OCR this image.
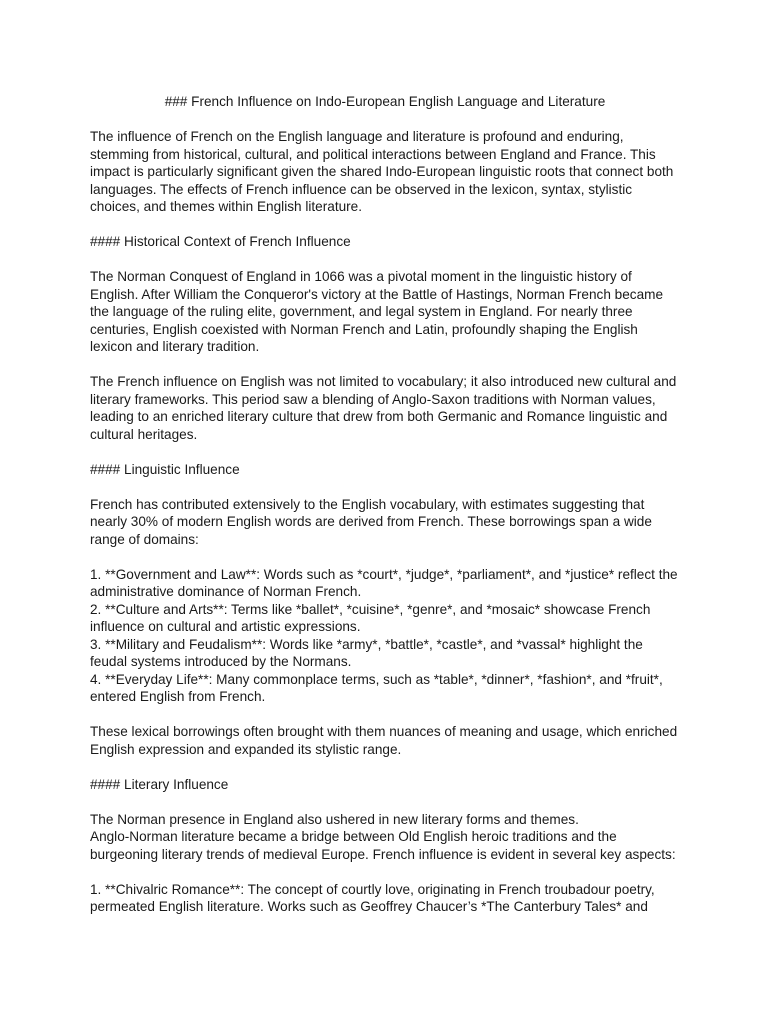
### French Influence on Indo-European English Language and Literature

The influence of French on the English language and literature is profound and enduring, stemming from historical, cultural, and political interactions between England and France. This impact is particularly significant given the shared Indo-European linguistic roots that connect both languages. The effects of French influence can be observed in the lexicon, syntax, stylistic choices, and themes within English literature.

#### Historical Context of French Influence

The Norman Conquest of England in 1066 was a pivotal moment in the linguistic history of English. After William the Conqueror's victory at the Battle of Hastings, Norman French became the language of the ruling elite, government, and legal system in England. For nearly three centuries, English coexisted with Norman French and Latin, profoundly shaping the English lexicon and literary tradition.

The French influence on English was not limited to vocabulary; it also introduced new cultural and literary frameworks. This period saw a blending of Anglo-Saxon traditions with Norman values, leading to an enriched literary culture that drew from both Germanic and Romance linguistic and cultural heritages.

#### Linguistic Influence

French has contributed extensively to the English vocabulary, with estimates suggesting that nearly 30% of modern English words are derived from French. These borrowings span a wide range of domains:

1. **Government and Law**: Words such as *court*, *judge*, *parliament*, and *justice* reflect the administrative dominance of Norman French.
2. **Culture and Arts**: Terms like *ballet*, *cuisine*, *genre*, and *mosaic* showcase French influence on cultural and artistic expressions.
3. **Military and Feudalism**: Words like *army*, *battle*, *castle*, and *vassal* highlight the feudal systems introduced by the Normans.
4. **Everyday Life**: Many commonplace terms, such as *table*, *dinner*, *fashion*, and *fruit*, entered English from French.

These lexical borrowings often brought with them nuances of meaning and usage, which enriched English expression and expanded its stylistic range.

#### Literary Influence

The Norman presence in England also ushered in new literary forms and themes.
Anglo-Norman literature became a bridge between Old English heroic traditions and the burgeoning literary trends of medieval Europe. French influence is evident in several key aspects:

1. **Chivalric Romance**: The concept of courtly love, originating in French troubadour poetry, permeated English literature. Works such as Geoffrey Chaucer’s *The Canterbury Tales* and
